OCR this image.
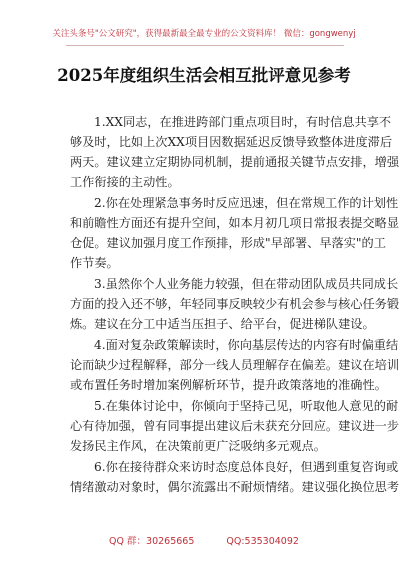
关注头条号"公文研究"，获得最新最全最专业的公文资料库！ 微信：gongwenyj
2025年度组织生活会相互批评意见参考
1.XX同志，在推进跨部门重点项目时，有时信息共享不
够及时，比如上次XX项目因数据延迟反馈导致整体进度滞后
两天。建议建立定期协同机制，提前通报关键节点安排，增强
工作衔接的主动性。
2.你在处理紧急事务时反应迅速，但在常规工作的计划性
和前瞻性方面还有提升空间，如本月初几项日常报表提交略显
仓促。建议加强月度工作预排，形成"早部署、早落实"的工
作节奏。
3.虽然你个人业务能力较强，但在带动团队成员共同成长
方面的投入还不够，年轻同事反映较少有机会参与核心任务锻
炼。建议在分工中适当压担子、给平台，促进梯队建设。
4.面对复杂政策解读时，你向基层传达的内容有时偏重结
论而缺少过程解释，部分一线人员理解存在偏差。建议在培训
或布置任务时增加案例解析环节，提升政策落地的准确性。
5.在集体讨论中，你倾向于坚持己见，听取他人意见的耐
心有待加强，曾有同事提出建议后未获充分回应。建议进一步
发扬民主作风，在决策前更广泛吸纳多元观点。
6.你在接待群众来访时态度总体良好，但遇到重复咨询或
情绪激动对象时，偶尔流露出不耐烦情绪。建议强化换位思考
QQ 群：30265665	QQ:535304092
